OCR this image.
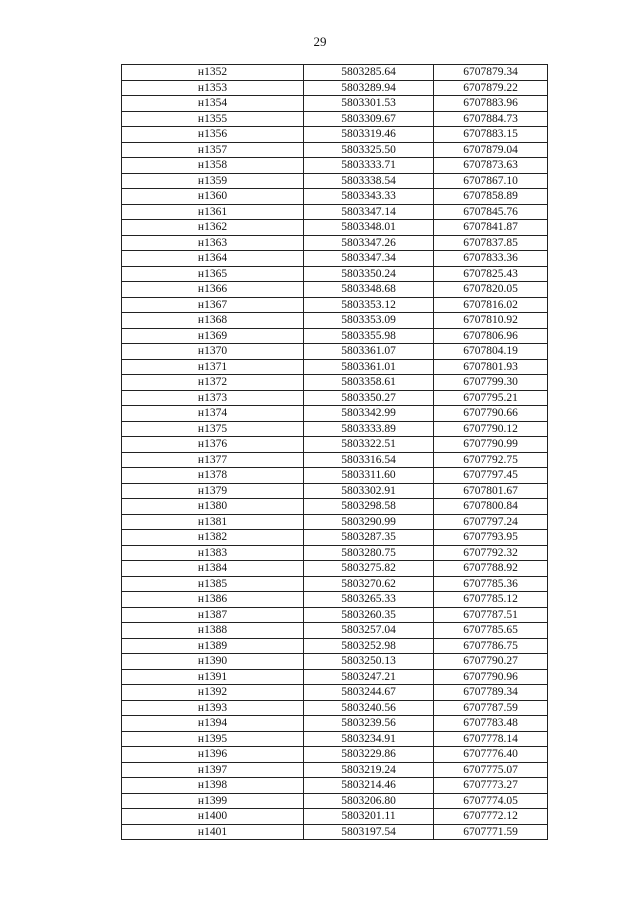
29
н1352	5803285.64	6707879.34
н1353	5803289.94	6707879.22
н1354	5803301.53	6707883.96
н1355	5803309.67	6707884.73
н1356	5803319.46	6707883.15
н1357	5803325.50	6707879.04
н1358	5803333.71	6707873.63
н1359	5803338.54	6707867.10
н1360	5803343.33	6707858.89
н1361	5803347.14	6707845.76
н1362	5803348.01	6707841.87
н1363	5803347.26	6707837.85
н1364	5803347.34	6707833.36
н1365	5803350.24	6707825.43
н1366	5803348.68	6707820.05
н1367	5803353.12	6707816.02
н1368	5803353.09	6707810.92
н1369	5803355.98	6707806.96
н1370	5803361.07	6707804.19
н1371	5803361.01	6707801.93
н1372	5803358.61	6707799.30
н1373	5803350.27	6707795.21
н1374	5803342.99	6707790.66
н1375	5803333.89	6707790.12
н1376	5803322.51	6707790.99
н1377	5803316.54	6707792.75
н1378	5803311.60	6707797.45
н1379	5803302.91	6707801.67
н1380	5803298.58	6707800.84
н1381	5803290.99	6707797.24
н1382	5803287.35	6707793.95
н1383	5803280.75	6707792.32
н1384	5803275.82	6707788.92
н1385	5803270.62	6707785.36
н1386	5803265.33	6707785.12
н1387	5803260.35	6707787.51
н1388	5803257.04	6707785.65
н1389	5803252.98	6707786.75
н1390	5803250.13	6707790.27
н1391	5803247.21	6707790.96
н1392	5803244.67	6707789.34
н1393	5803240.56	6707787.59
н1394	5803239.56	6707783.48
н1395	5803234.91	6707778.14
н1396	5803229.86	6707776.40
н1397	5803219.24	6707775.07
н1398	5803214.46	6707773.27
н1399	5803206.80	6707774.05
н1400	5803201.11	6707772.12
н1401	5803197.54	6707771.59
